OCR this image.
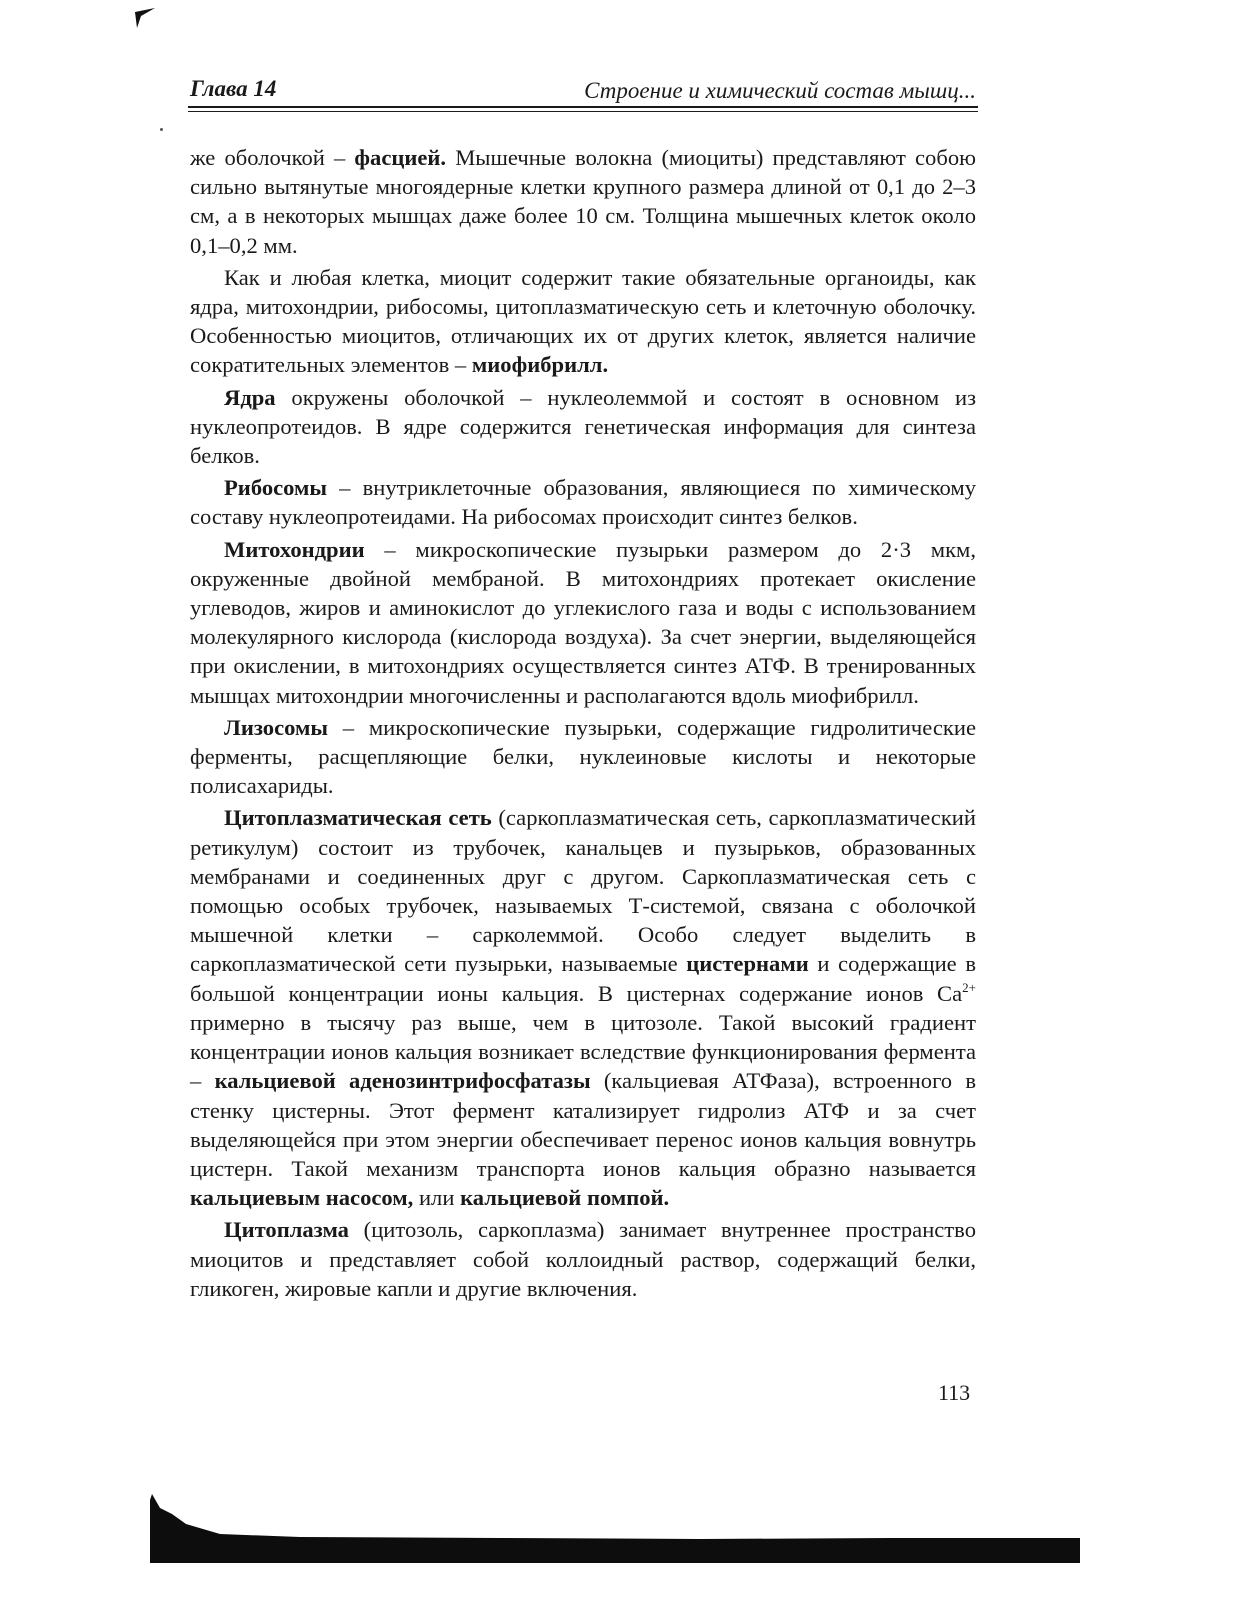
Глава 14	Строение и химический состав мышц...

же оболочкой – фасцией. Мышечные волокна (миоциты) представляют собою сильно вытянутые многоядерные клетки крупного размера длиной от 0,1 до 2–3 см, а в некоторых мышцах даже более 10 см. Толщина мышечных клеток около 0,1–0,2 мм.

Как и любая клетка, миоцит содержит такие обязательные органоиды, как ядра, митохондрии, рибосомы, цитоплазматическую сеть и клеточную оболочку. Особенностью миоцитов, отличающих их от других клеток, является наличие сократительных элементов – миофибрилл.

Ядра окружены оболочкой – нуклеолеммой и состоят в основном из нуклеопротеидов. В ядре содержится генетическая информация для синтеза белков.

Рибосомы – внутриклеточные образования, являющиеся по химическому составу нуклеопротеидами. На рибосомах происходит синтез белков.

Митохондрии – микроскопические пузырьки размером до 2·3 мкм, окруженные двойной мембраной. В митохондриях протекает окисление углеводов, жиров и аминокислот до углекислого газа и воды с использованием молекулярного кислорода (кислорода воздуха). За счет энергии, выделяющейся при окислении, в митохондриях осуществляется синтез АТФ. В тренированных мышцах митохондрии многочисленны и располагаются вдоль миофибрилл.

Лизосомы – микроскопические пузырьки, содержащие гидролитические ферменты, расщепляющие белки, нуклеиновые кислоты и некоторые полисахариды.

Цитоплазматическая сеть (саркоплазматическая сеть, саркоплазматический ретикулум) состоит из трубочек, канальцев и пузырьков, образованных мембранами и соединенных друг с другом. Саркоплазматическая сеть с помощью особых трубочек, называемых Т-системой, связана с оболочкой мышечной клетки – сарколеммой. Особо следует выделить в саркоплазматической сети пузырьки, называемые цистернами и содержащие в большой концентрации ионы кальция. В цистернах содержание ионов $Са^{2+}$ примерно в тысячу раз выше, чем в цитозоле. Такой высокий градиент концентрации ионов кальция возникает вследствие функционирования фермента – кальциевой аденозинтрифосфатазы (кальциевая АТФаза), встроенного в стенку цистерны. Этот фермент катализирует гидролиз АТФ и за счет выделяющейся при этом энергии обеспечивает перенос ионов кальция вовнутрь цистерн. Такой механизм транспорта ионов кальция образно называется кальциевым насосом, или кальциевой помпой.

Цитоплазма (цитозоль, саркоплазма) занимает внутреннее пространство миоцитов и представляет собой коллоидный раствор, содержащий белки, гликоген, жировые капли и другие включения.

113
